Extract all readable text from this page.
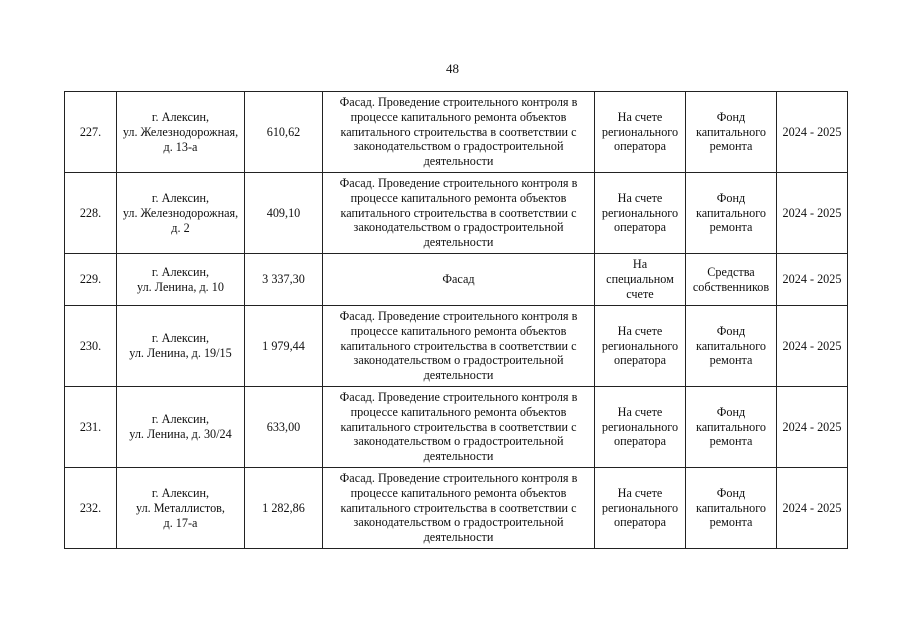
48
227.	г. Алексин,
ул. Железнодорожная,
д. 13-а	610,62	Фасад. Проведение строительного контроля в
процессе капитального ремонта объектов
капитального строительства в соответствии с
законодательством о градостроительной
деятельности	На счете
регионального
оператора	Фонд
капитального
ремонта	2024 - 2025
228.	г. Алексин,
ул. Железнодорожная,
д. 2	409,10	Фасад. Проведение строительного контроля в
процессе капитального ремонта объектов
капитального строительства в соответствии с
законодательством о градостроительной
деятельности	На счете
регионального
оператора	Фонд
капитального
ремонта	2024 - 2025
229.	г. Алексин,
ул. Ленина, д. 10	3 337,30	Фасад	На
специальном
счете	Средства
собственников	2024 - 2025
230.	г. Алексин,
ул. Ленина, д. 19/15	1 979,44	Фасад. Проведение строительного контроля в
процессе капитального ремонта объектов
капитального строительства в соответствии с
законодательством о градостроительной
деятельности	На счете
регионального
оператора	Фонд
капитального
ремонта	2024 - 2025
231.	г. Алексин,
ул. Ленина, д. 30/24	633,00	Фасад. Проведение строительного контроля в
процессе капитального ремонта объектов
капитального строительства в соответствии с
законодательством о градостроительной
деятельности	На счете
регионального
оператора	Фонд
капитального
ремонта	2024 - 2025
232.	г. Алексин,
ул. Металлистов,
д. 17-а	1 282,86	Фасад. Проведение строительного контроля в
процессе капитального ремонта объектов
капитального строительства в соответствии с
законодательством о градостроительной
деятельности	На счете
регионального
оператора	Фонд
капитального
ремонта	2024 - 2025
